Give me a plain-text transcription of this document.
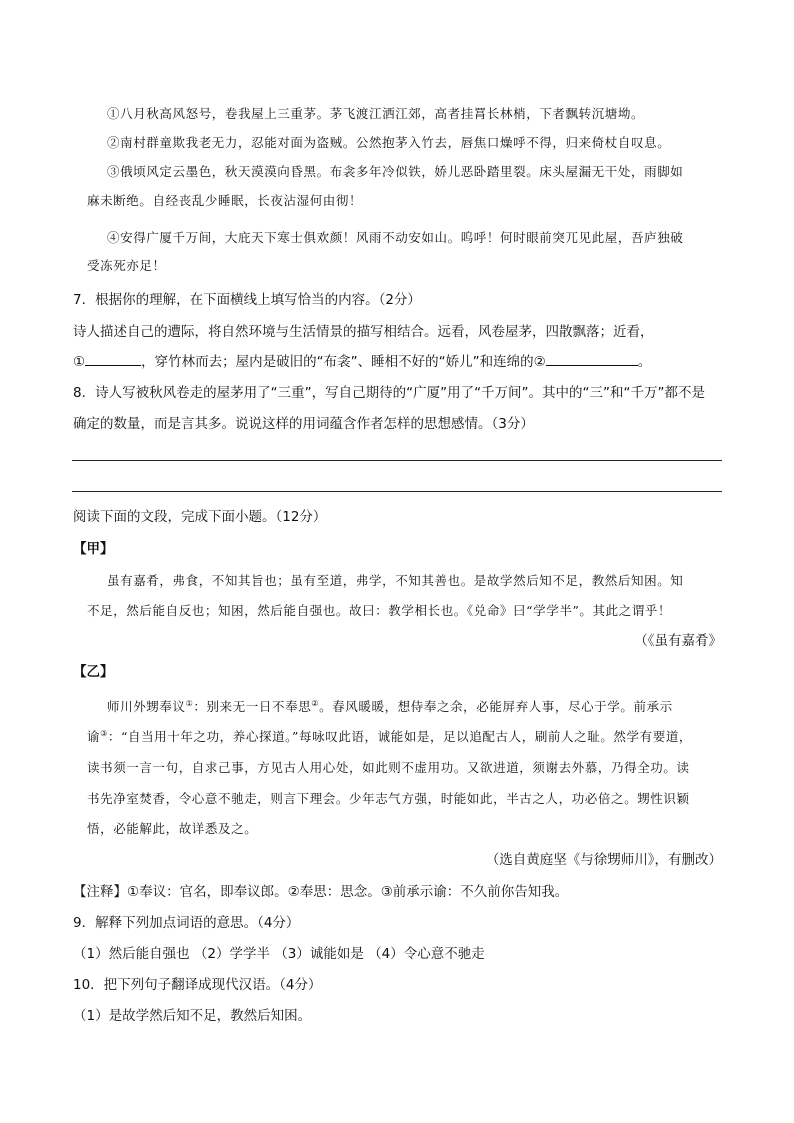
①八月秋高风怒号，卷我屋上三重茅。茅飞渡江洒江郊，高者挂罥长林梢，下者飘转沉塘坳。
②南村群童欺我老无力，忍能对面为盗贼。公然抱茅入竹去，唇焦口燥呼不得，归来倚杖自叹息。
③俄顷风定云墨色，秋天漠漠向昏黑。布衾多年冷似铁，娇儿恶卧踏里裂。床头屋漏无干处，雨脚如
麻未断绝。自经丧乱少睡眠，长夜沾湿何由彻！
④安得广厦千万间，大庇天下寒士俱欢颜！风雨不动安如山。呜呼！何时眼前突兀见此屋，吾庐独破
受冻死亦足！
7．根据你的理解，在下面横线上填写恰当的内容。（2分）
诗人描述自己的遭际，将自然环境与生活情景的描写相结合。远看，风卷屋茅，四散飘落；近看，
①	，穿竹林而去；屋内是破旧的“布衾”、睡相不好的“娇儿”和连绵的②	。
8．诗人写被秋风卷走的屋茅用了“三重”，写自己期待的“广厦”用了“千万间”。其中的“三”和“千万”都不是
确定的数量，而是言其多。说说这样的用词蕴含作者怎样的思想感情。（3分）
阅读下面的文段，完成下面小题。（12分）
【甲】
虽有嘉肴，弗食，不知其旨也；虽有至道，弗学，不知其善也。是故学然后知不足，教然后知困。知
不足，然后能自反也；知困，然后能自强也。故曰：教学相长也。《兑命》曰“学学半”。其此之谓乎！
（《虽有嘉肴》
【乙】
师川外甥奉议①：别来无一日不奉思②。春风暖暖，想侍奉之余，必能屏弃人事，尽心于学。前承示
谕③：“自当用十年之功，养心探道。”每咏叹此语，诚能如是，足以追配古人，刷前人之耻。然学有要道，
读书须一言一句，自求己事，方见古人用心处，如此则不虚用功。又欲进道，须谢去外慕，乃得全功。读
书先净室焚香，令心意不驰走，则言下理会。少年志气方强，时能如此，半古之人，功必倍之。甥性识颖
悟，必能解此，故详悉及之。
（选自黄庭坚《与徐甥师川》，有删改）
【注释】①奉议：官名，即奉议郎。②奉思：思念。③前承示谕：不久前你告知我。
9．解释下列加点词语的意思。（4分）
（1）然后能自强也 （2）学学半 （3）诚能如是 （4）令心意不驰走
10．把下列句子翻译成现代汉语。（4分）
（1）是故学然后知不足，教然后知困。
